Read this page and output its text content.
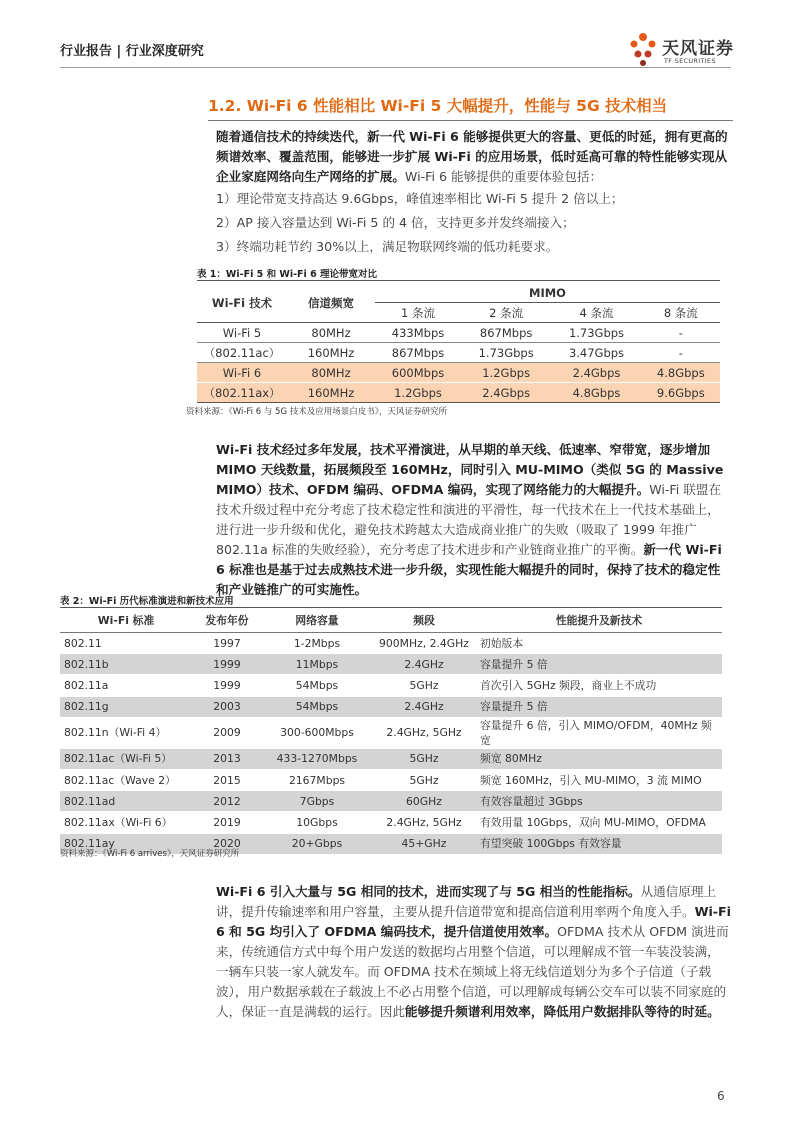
行业报告 | 行业深度研究	天风证券
TF SECURITIES
1.2. Wi-Fi 6 性能相比 Wi-Fi 5 大幅提升，性能与 5G 技术相当
随着通信技术的持续迭代，新一代 Wi-Fi 6 能够提供更大的容量、更低的时延，拥有更高的频谱效率、覆盖范围，能够进一步扩展 Wi-Fi 的应用场景，低时延高可靠的特性能够实现从企业家庭网络向生产网络的扩展。Wi-Fi 6 能够提供的重要体验包括：
1）理论带宽支持高达 9.6Gbps，峰值速率相比 Wi-Fi 5 提升 2 倍以上；
2）AP 接入容量达到 Wi-Fi 5 的 4 倍，支持更多并发终端接入；
3）终端功耗节约 30%以上，满足物联网终端的低功耗要求。
表 1：Wi-Fi 5 和 Wi-Fi 6 理论带宽对比
Wi-Fi 技术	信道频宽	MIMO			
		1 条流	2 条流	4 条流	8 条流
Wi-Fi 5	80MHz	433Mbps	867Mbps	1.73Gbps	-
（802.11ac）	160MHz	867Mbps	1.73Gbps	3.47Gbps	-
Wi-Fi 6	80MHz	600Mbps	1.2Gbps	2.4Gbps	4.8Gbps
（802.11ax）	160MHz	1.2Gbps	2.4Gbps	4.8Gbps	9.6Gbps
资料来源：《Wi-Fi 6 与 5G 技术及应用场景白皮书》，天风证券研究所
Wi-Fi 技术经过多年发展，技术平滑演进，从早期的单天线、低速率、窄带宽，逐步增加 MIMO 天线数量，拓展频段至 160MHz，同时引入 MU-MIMO（类似 5G 的 Massive MIMO）技术、OFDM 编码、OFDMA 编码，实现了网络能力的大幅提升。Wi-Fi 联盟在技术升级过程中充分考虑了技术稳定性和演进的平滑性，每一代技术在上一代技术基础上，进行进一步升级和优化，避免技术跨越太大造成商业推广的失败（吸取了 1999 年推广 802.11a 标准的失败经验），充分考虑了技术进步和产业链商业推广的平衡。新一代 Wi-Fi 6 标准也是基于过去成熟技术进一步升级，实现性能大幅提升的同时，保持了技术的稳定性和产业链推广的可实施性。
表 2：Wi-Fi 历代标准演进和新技术应用
Wi-Fi 标准	发布年份	网络容量	频段	性能提升及新技术
802.11	1997	1-2Mbps	900MHz, 2.4GHz	初始版本
802.11b	1999	11Mbps	2.4GHz	容量提升 5 倍
802.11a	1999	54Mbps	5GHz	首次引入 5GHz 频段，商业上不成功
802.11g	2003	54Mbps	2.4GHz	容量提升 5 倍
802.11n（Wi-Fi 4）	2009	300-600Mbps	2.4GHz, 5GHz	容量提升 6 倍，引入 MIMO/OFDM，40MHz 频宽
802.11ac（Wi-Fi 5）	2013	433-1270Mbps	5GHz	频宽 80MHz
802.11ac（Wave 2）	2015	2167Mbps	5GHz	频宽 160MHz，引入 MU-MIMO，3 流 MIMO
802.11ad	2012	7Gbps	60GHz	有效容量超过 3Gbps
802.11ax（Wi-Fi 6）	2019	10Gbps	2.4GHz, 5GHz	有效用量 10Gbps，双向 MU-MIMO，OFDMA
802.11ay	2020	20+Gbps	45+GHz	有望突破 100Gbps 有效容量
资料来源：《Wi-Fi 6 arrives》，天风证券研究所
Wi-Fi 6 引入大量与 5G 相同的技术，进而实现了与 5G 相当的性能指标。从通信原理上讲，提升传输速率和用户容量，主要从提升信道带宽和提高信道利用率两个角度入手。Wi-Fi 6 和 5G 均引入了 OFDMA 编码技术，提升信道使用效率。OFDMA 技术从 OFDM 演进而来，传统通信方式中每个用户发送的数据均占用整个信道，可以理解成不管一车装没装满，一辆车只装一家人就发车。而 OFDMA 技术在频域上将无线信道划分为多个子信道（子载波），用户数据承载在子载波上不必占用整个信道，可以理解成每辆公交车可以装不同家庭的人，保证一直是满载的运行。因此能够提升频谱利用效率，降低用户数据排队等待的时延。
6
